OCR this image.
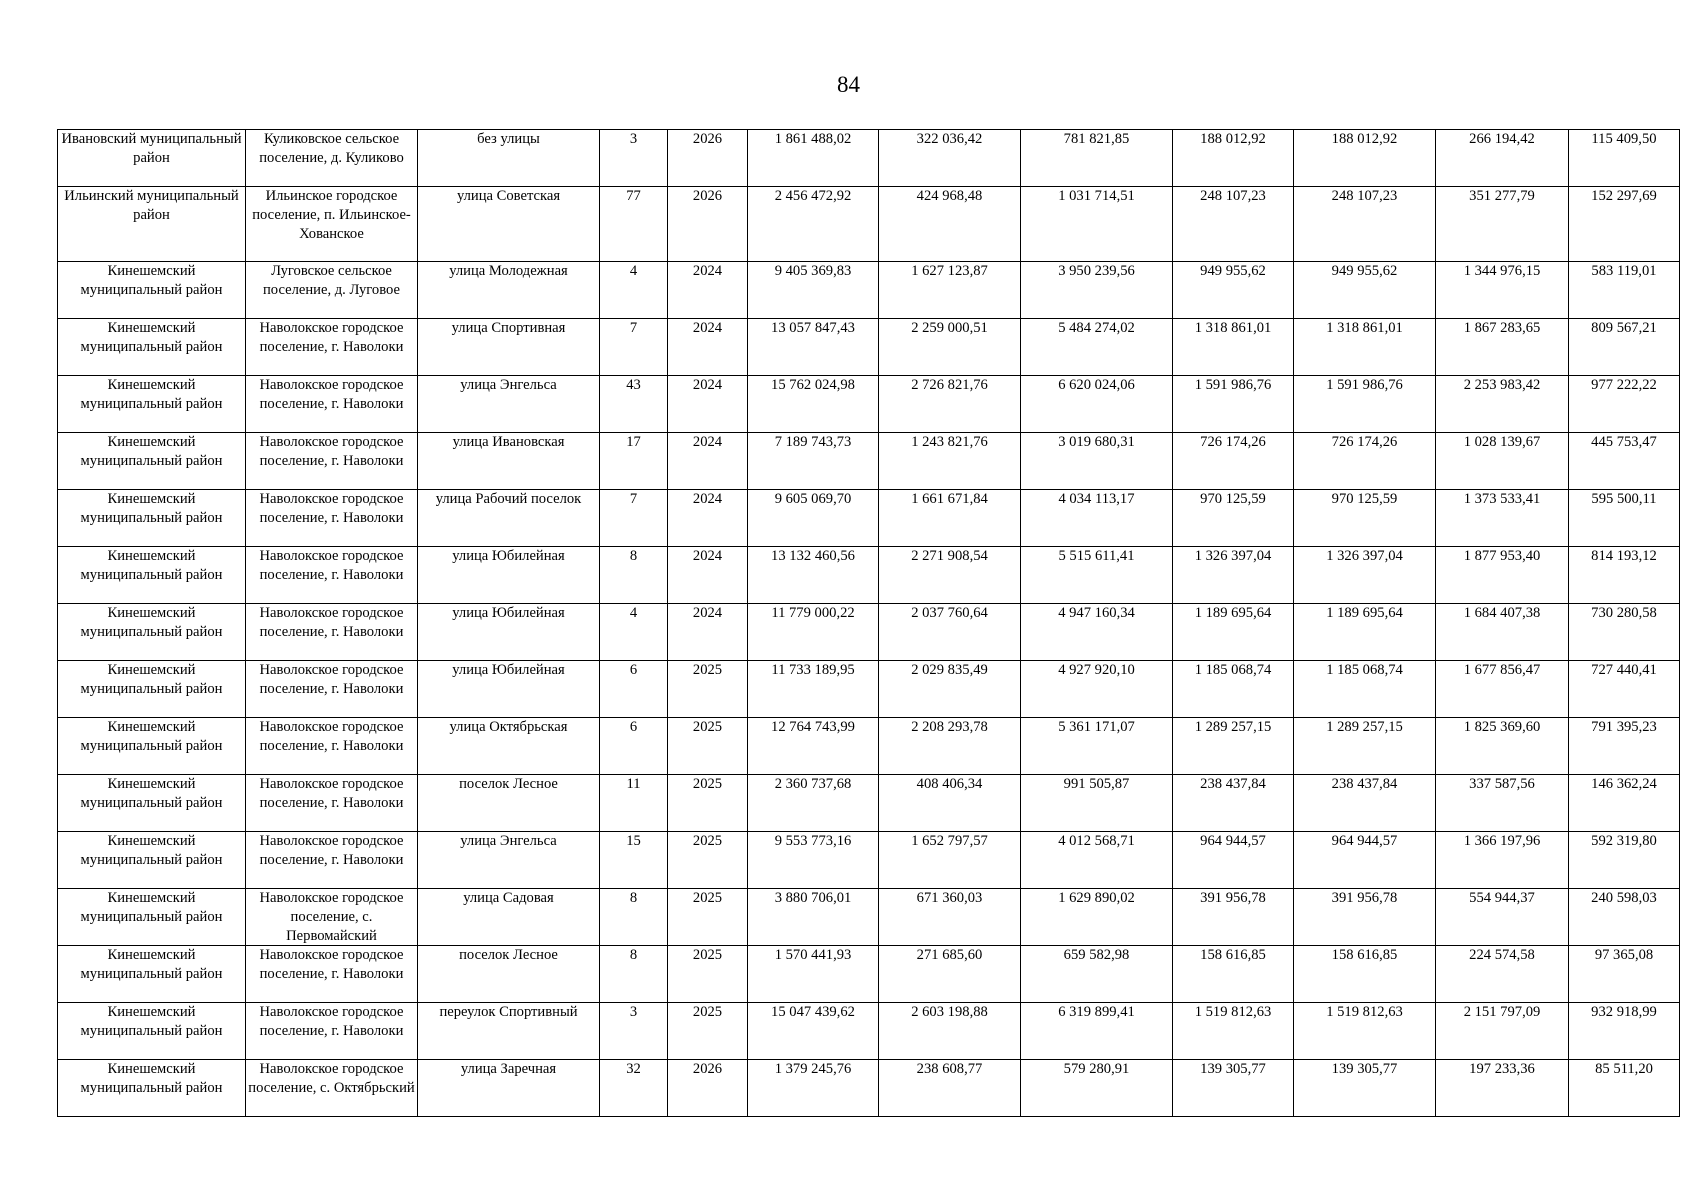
84
Ивановский муниципальный район	Куликовское сельское поселение, д. Куликово	без улицы	3	2026	1 861 488,02	322 036,42	781 821,85	188 012,92	188 012,92	266 194,42	115 409,50
Ильинский муниципальный район	Ильинское городское поселение, п. Ильинское- Хованское	улица Советская	77	2026	2 456 472,92	424 968,48	1 031 714,51	248 107,23	248 107,23	351 277,79	152 297,69
Кинешемский муниципальный район	Луговское сельское поселение, д. Луговое	улица Молодежная	4	2024	9 405 369,83	1 627 123,87	3 950 239,56	949 955,62	949 955,62	1 344 976,15	583 119,01
Кинешемский муниципальный район	Наволокское городское поселение, г. Наволоки	улица Спортивная	7	2024	13 057 847,43	2 259 000,51	5 484 274,02	1 318 861,01	1 318 861,01	1 867 283,65	809 567,21
Кинешемский муниципальный район	Наволокское городское поселение, г. Наволоки	улица Энгельса	43	2024	15 762 024,98	2 726 821,76	6 620 024,06	1 591 986,76	1 591 986,76	2 253 983,42	977 222,22
Кинешемский муниципальный район	Наволокское городское поселение, г. Наволоки	улица Ивановская	17	2024	7 189 743,73	1 243 821,76	3 019 680,31	726 174,26	726 174,26	1 028 139,67	445 753,47
Кинешемский муниципальный район	Наволокское городское поселение, г. Наволоки	улица Рабочий поселок	7	2024	9 605 069,70	1 661 671,84	4 034 113,17	970 125,59	970 125,59	1 373 533,41	595 500,11
Кинешемский муниципальный район	Наволокское городское поселение, г. Наволоки	улица Юбилейная	8	2024	13 132 460,56	2 271 908,54	5 515 611,41	1 326 397,04	1 326 397,04	1 877 953,40	814 193,12
Кинешемский муниципальный район	Наволокское городское поселение, г. Наволоки	улица Юбилейная	4	2024	11 779 000,22	2 037 760,64	4 947 160,34	1 189 695,64	1 189 695,64	1 684 407,38	730 280,58
Кинешемский муниципальный район	Наволокское городское поселение, г. Наволоки	улица Юбилейная	6	2025	11 733 189,95	2 029 835,49	4 927 920,10	1 185 068,74	1 185 068,74	1 677 856,47	727 440,41
Кинешемский муниципальный район	Наволокское городское поселение, г. Наволоки	улица Октябрьская	6	2025	12 764 743,99	2 208 293,78	5 361 171,07	1 289 257,15	1 289 257,15	1 825 369,60	791 395,23
Кинешемский муниципальный район	Наволокское городское поселение, г. Наволоки	поселок Лесное	11	2025	2 360 737,68	408 406,34	991 505,87	238 437,84	238 437,84	337 587,56	146 362,24
Кинешемский муниципальный район	Наволокское городское поселение, г. Наволоки	улица Энгельса	15	2025	9 553 773,16	1 652 797,57	4 012 568,71	964 944,57	964 944,57	1 366 197,96	592 319,80
Кинешемский муниципальный район	Наволокское городское поселение, с. Первомайский	улица Садовая	8	2025	3 880 706,01	671 360,03	1 629 890,02	391 956,78	391 956,78	554 944,37	240 598,03
Кинешемский муниципальный район	Наволокское городское поселение, г. Наволоки	поселок Лесное	8	2025	1 570 441,93	271 685,60	659 582,98	158 616,85	158 616,85	224 574,58	97 365,08
Кинешемский муниципальный район	Наволокское городское поселение, г. Наволоки	переулок Спортивный	3	2025	15 047 439,62	2 603 198,88	6 319 899,41	1 519 812,63	1 519 812,63	2 151 797,09	932 918,99
Кинешемский муниципальный район	Наволокское городское поселение, с. Октябрьский	улица Заречная	32	2026	1 379 245,76	238 608,77	579 280,91	139 305,77	139 305,77	197 233,36	85 511,20
